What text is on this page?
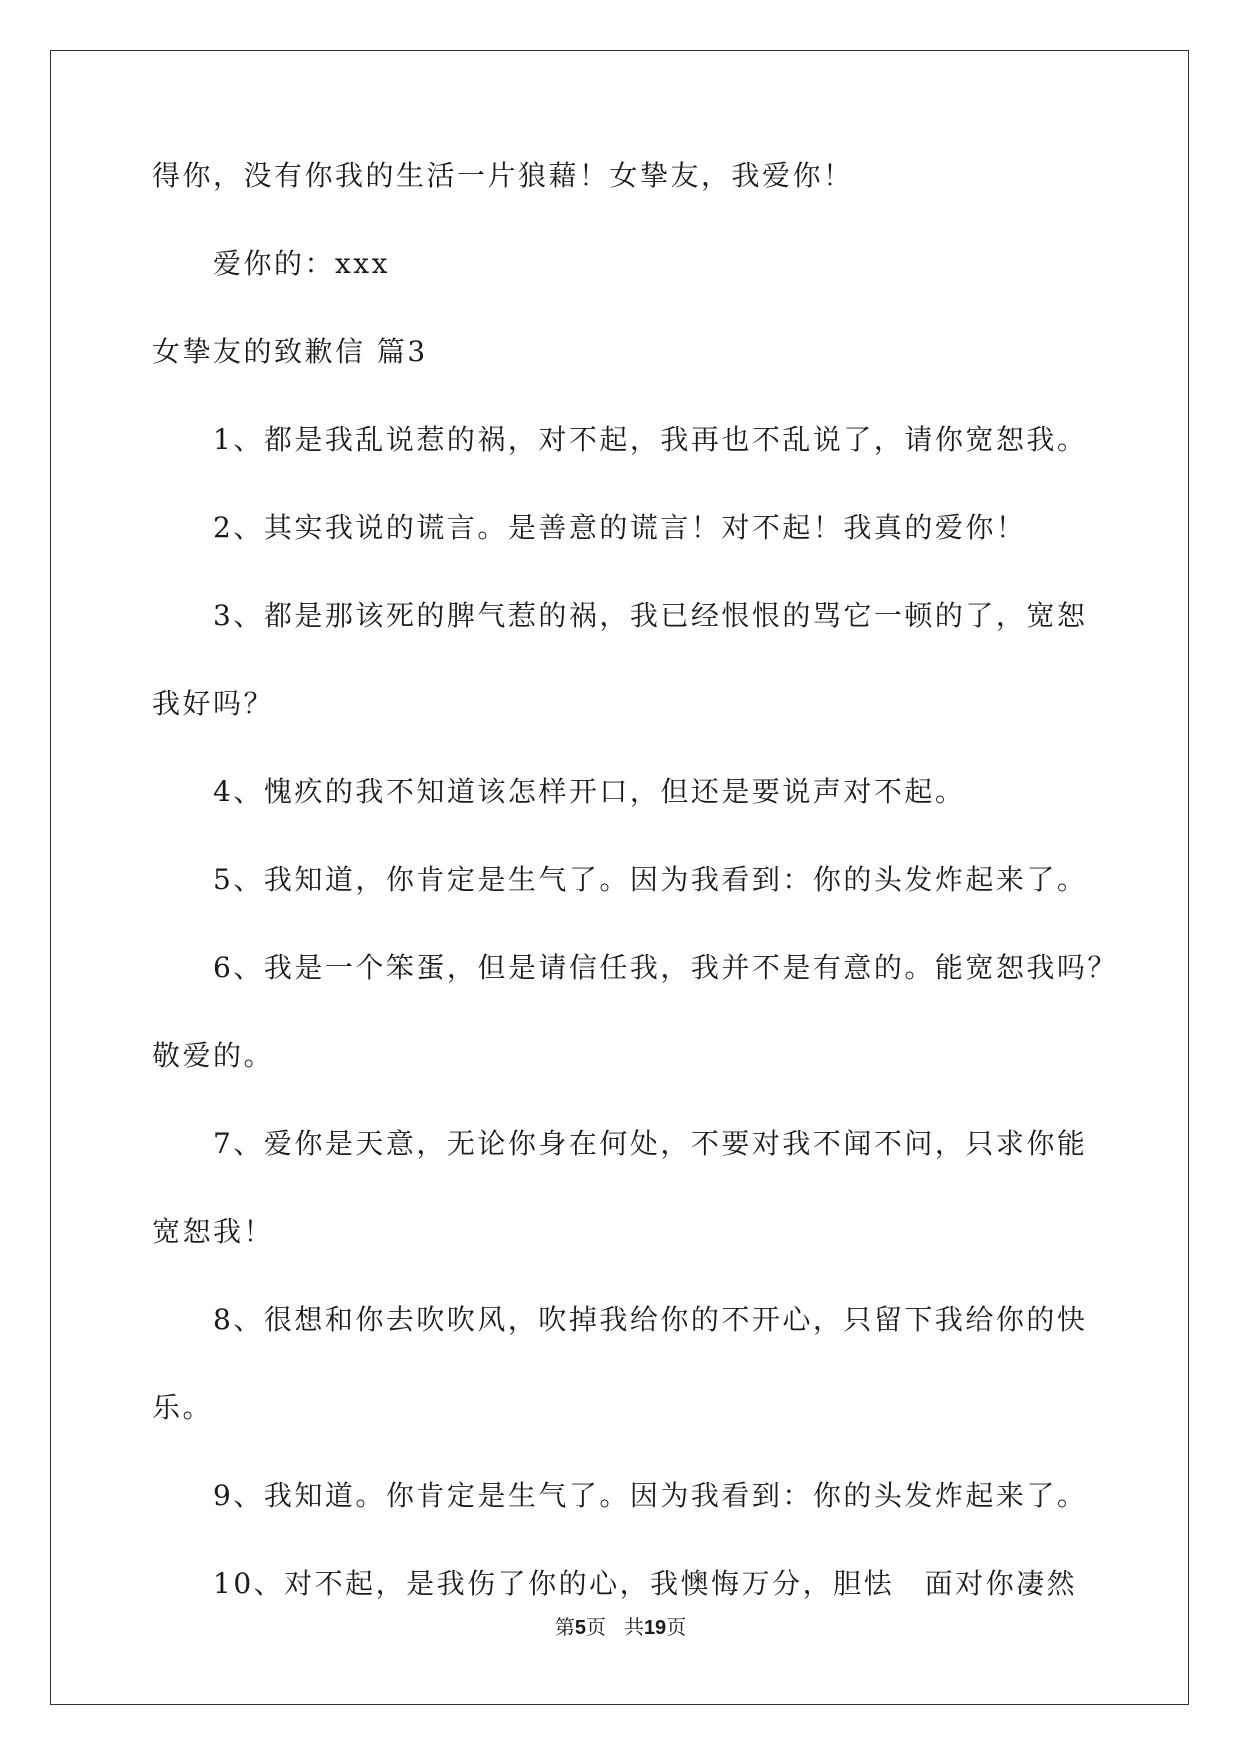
得你，没有你我的生活一片狼藉！女挚友，我爱你！
爱你的：xxx
女挚友的致歉信 篇3
1、都是我乱说惹的祸，对不起，我再也不乱说了，请你宽恕我。
2、其实我说的谎言。是善意的谎言！对不起！我真的爱你！
3、都是那该死的脾气惹的祸，我已经恨恨的骂它一顿的了，宽恕
我好吗？
4、愧疚的我不知道该怎样开口，但还是要说声对不起。
5、我知道，你肯定是生气了。因为我看到：你的头发炸起来了。
6、我是一个笨蛋，但是请信任我，我并不是有意的。能宽恕我吗？
敬爱的。
7、爱你是天意，无论你身在何处，不要对我不闻不问，只求你能
宽恕我！
8、很想和你去吹吹风，吹掉我给你的不开心，只留下我给你的快
乐。
9、我知道。你肯定是生气了。因为我看到：你的头发炸起来了。
10、对不起，是我伤了你的心，我懊悔万分，胆怯　面对你凄然
第5页 共19页
